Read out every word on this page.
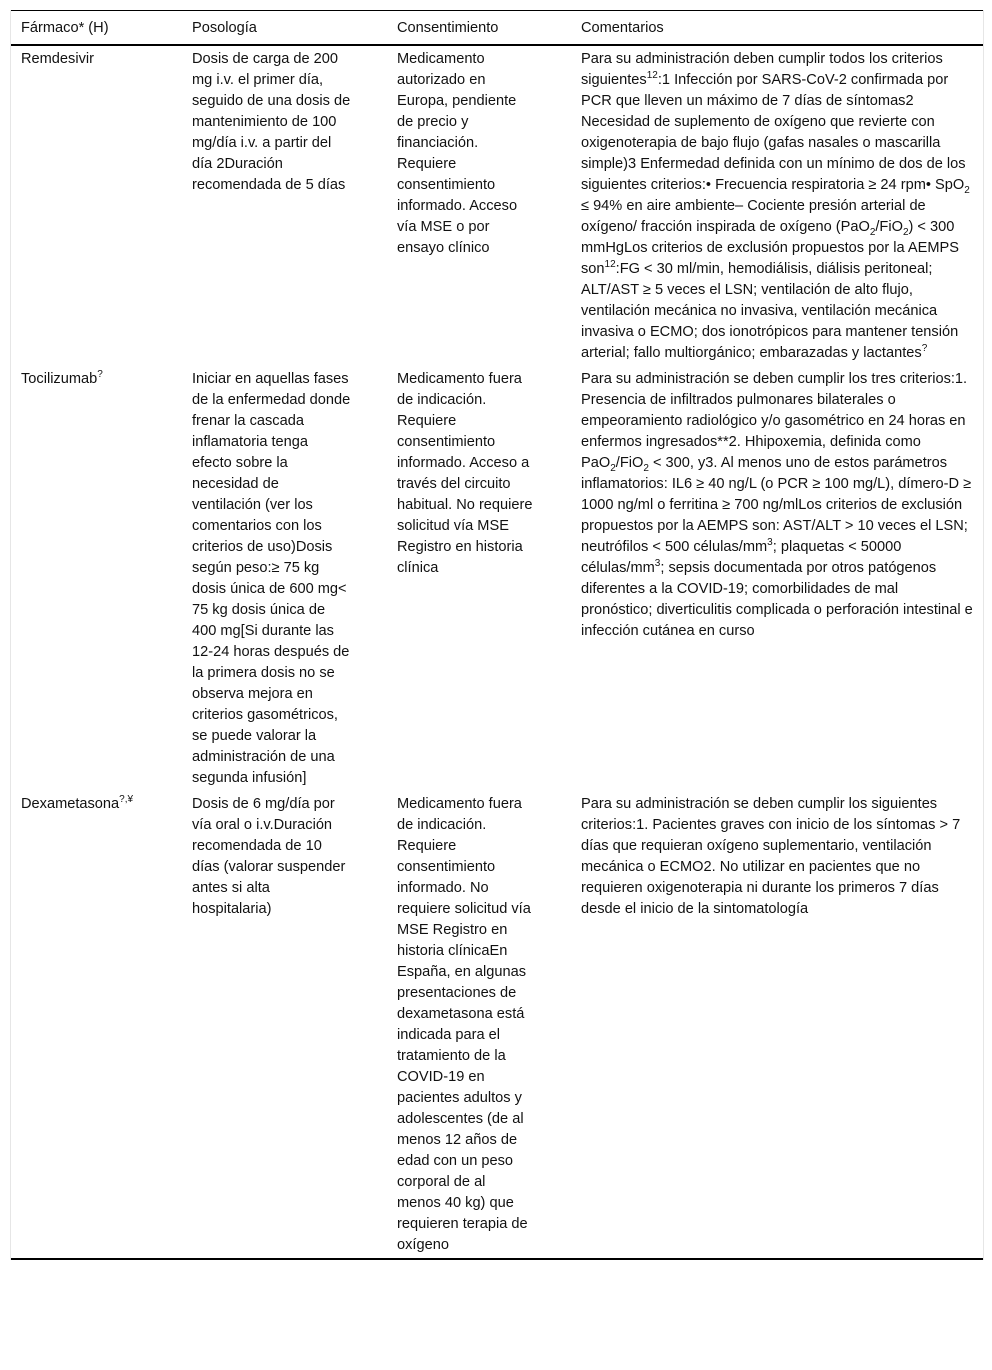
Fármaco* (H)	Posología	Consentimiento	Comentarios
Remdesivir	Dosis de carga de 200 mg i.v. el primer día, seguido de una dosis de mantenimiento de 100 mg/día i.v. a partir del día 2Duración recomendada de 5 días	Medicamento autorizado en Europa, pendiente de precio y financiación. Requiere consentimiento informado. Acceso vía MSE o por ensayo clínico	Para su administración deben cumplir todos los criterios siguientes$^{12}$:1 Infección por SARS-CoV-2 confirmada por PCR que lleven un máximo de 7 días de síntomas2 Necesidad de suplemento de oxígeno que revierte con oxigenoterapia de bajo flujo (gafas nasales o mascarilla simple)3 Enfermedad definida con un mínimo de dos de los siguientes criterios:• Frecuencia respiratoria ≥ 24 rpm• SpO$_2$ ≤ 94% en aire ambiente– Cociente presión arterial de oxígeno/ fracción inspirada de oxígeno (PaO$_2$/FiO$_2$) < 300 mmHgLos criterios de exclusión propuestos por la AEMPS son$^{12}$:FG < 30 ml/min, hemodiálisis, diálisis peritoneal; ALT/AST ≥ 5 veces el LSN; ventilación de alto flujo, ventilación mecánica no invasiva, ventilación mecánica invasiva o ECMO; dos ionotrópicos para mantener tensión arterial; fallo multiorgánico; embarazadas y lactantes?
Tocilizumab?	Iniciar en aquellas fases de la enfermedad donde frenar la cascada inflamatoria tenga efecto sobre la necesidad de ventilación (ver los comentarios con los criterios de uso)Dosis según peso:≥ 75 kg dosis única de 600 mg< 75 kg dosis única de 400 mg[Si durante las 12-24 horas después de la primera dosis no se observa mejora en criterios gasométricos, se puede valorar la administración de una segunda infusión]	Medicamento fuera de indicación. Requiere consentimiento informado. Acceso a través del circuito habitual. No requiere solicitud vía MSE Registro en historia clínica	Para su administración se deben cumplir los tres criterios:1. Presencia de infiltrados pulmonares bilaterales o empeoramiento radiológico y/o gasométrico en 24 horas en enfermos ingresados**2. Hhipoxemia, definida como PaO$_2$/FiO$_2$ < 300, y3. Al menos uno de estos parámetros inflamatorios: IL6 ≥ 40 ng/L (o PCR ≥ 100 mg/L), dímero-D ≥ 1000 ng/ml o ferritina ≥ 700 ng/mlLos criterios de exclusión propuestos por la AEMPS son: AST/ALT > 10 veces el LSN; neutrófilos < 500 células/$mm^3$; plaquetas < 50000 células/$mm^3$; sepsis documentada por otros patógenos diferentes a la COVID-19; comorbilidades de mal pronóstico; diverticulitis complicada o perforación intestinal e infección cutánea en curso
Dexametasona?,¥	Dosis de 6 mg/día por vía oral o i.v.Duración recomendada de 10 días (valorar suspender antes si alta hospitalaria)	Medicamento fuera de indicación. Requiere consentimiento informado. No requiere solicitud vía MSE Registro en historia clínicaEn España, en algunas presentaciones de dexametasona está indicada para el tratamiento de la COVID-19 en pacientes adultos y adolescentes (de al menos 12 años de edad con un peso corporal de al menos 40 kg) que requieren terapia de oxígeno	Para su administración se deben cumplir los siguientes criterios:1. Pacientes graves con inicio de los síntomas > 7 días que requieran oxígeno suplementario, ventilación mecánica o ECMO2. No utilizar en pacientes que no requieren oxigenoterapia ni durante los primeros 7 días desde el inicio de la sintomatología
